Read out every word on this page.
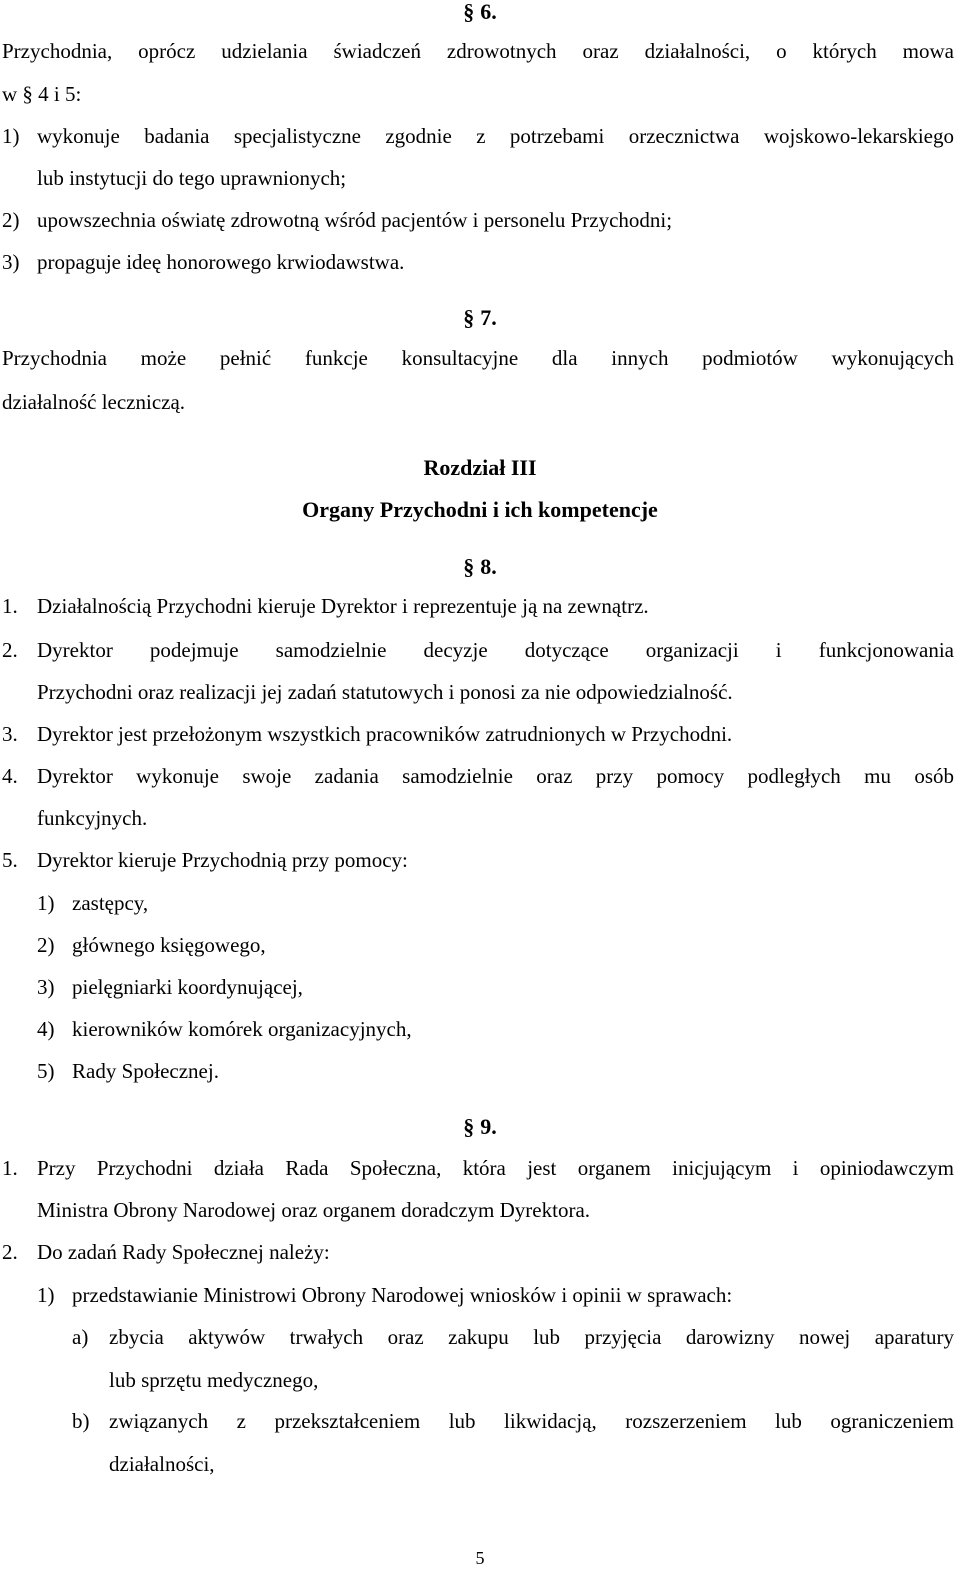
§ 6.
Przychodnia, oprócz udzielania świadczeń zdrowotnych oraz działalności, o których mowa
w § 4 i 5:
1) wykonuje badania specjalistyczne zgodnie z potrzebami orzecznictwa wojskowo-lekarskiego
lub instytucji do tego uprawnionych;
2) upowszechnia oświatę zdrowotną wśród pacjentów i personelu Przychodni;
3) propaguje ideę honorowego krwiodawstwa.
§ 7.
Przychodnia może pełnić funkcje konsultacyjne dla innych podmiotów wykonujących
działalność leczniczą.
Rozdział III
Organy Przychodni i ich kompetencje
§ 8.
1. Działalnością Przychodni kieruje Dyrektor i reprezentuje ją na zewnątrz.
2. Dyrektor podejmuje samodzielnie decyzje dotyczące organizacji i funkcjonowania
Przychodni oraz realizacji jej zadań statutowych i ponosi za nie odpowiedzialność.
3. Dyrektor jest przełożonym wszystkich pracowników zatrudnionych w Przychodni.
4. Dyrektor wykonuje swoje zadania samodzielnie oraz przy pomocy podległych mu osób
funkcyjnych.
5. Dyrektor kieruje Przychodnią przy pomocy:
1) zastępcy,
2) głównego księgowego,
3) pielęgniarki koordynującej,
4) kierowników komórek organizacyjnych,
5) Rady Społecznej.
§ 9.
1. Przy Przychodni działa Rada Społeczna, która jest organem inicjującym i opiniodawczym
Ministra Obrony Narodowej oraz organem doradczym Dyrektora.
2. Do zadań Rady Społecznej należy:
1) przedstawianie Ministrowi Obrony Narodowej wniosków i opinii w sprawach:
a) zbycia aktywów trwałych oraz zakupu lub przyjęcia darowizny nowej aparatury
lub sprzętu medycznego,
b) związanych z przekształceniem lub likwidacją, rozszerzeniem lub ograniczeniem
działalności,
5
